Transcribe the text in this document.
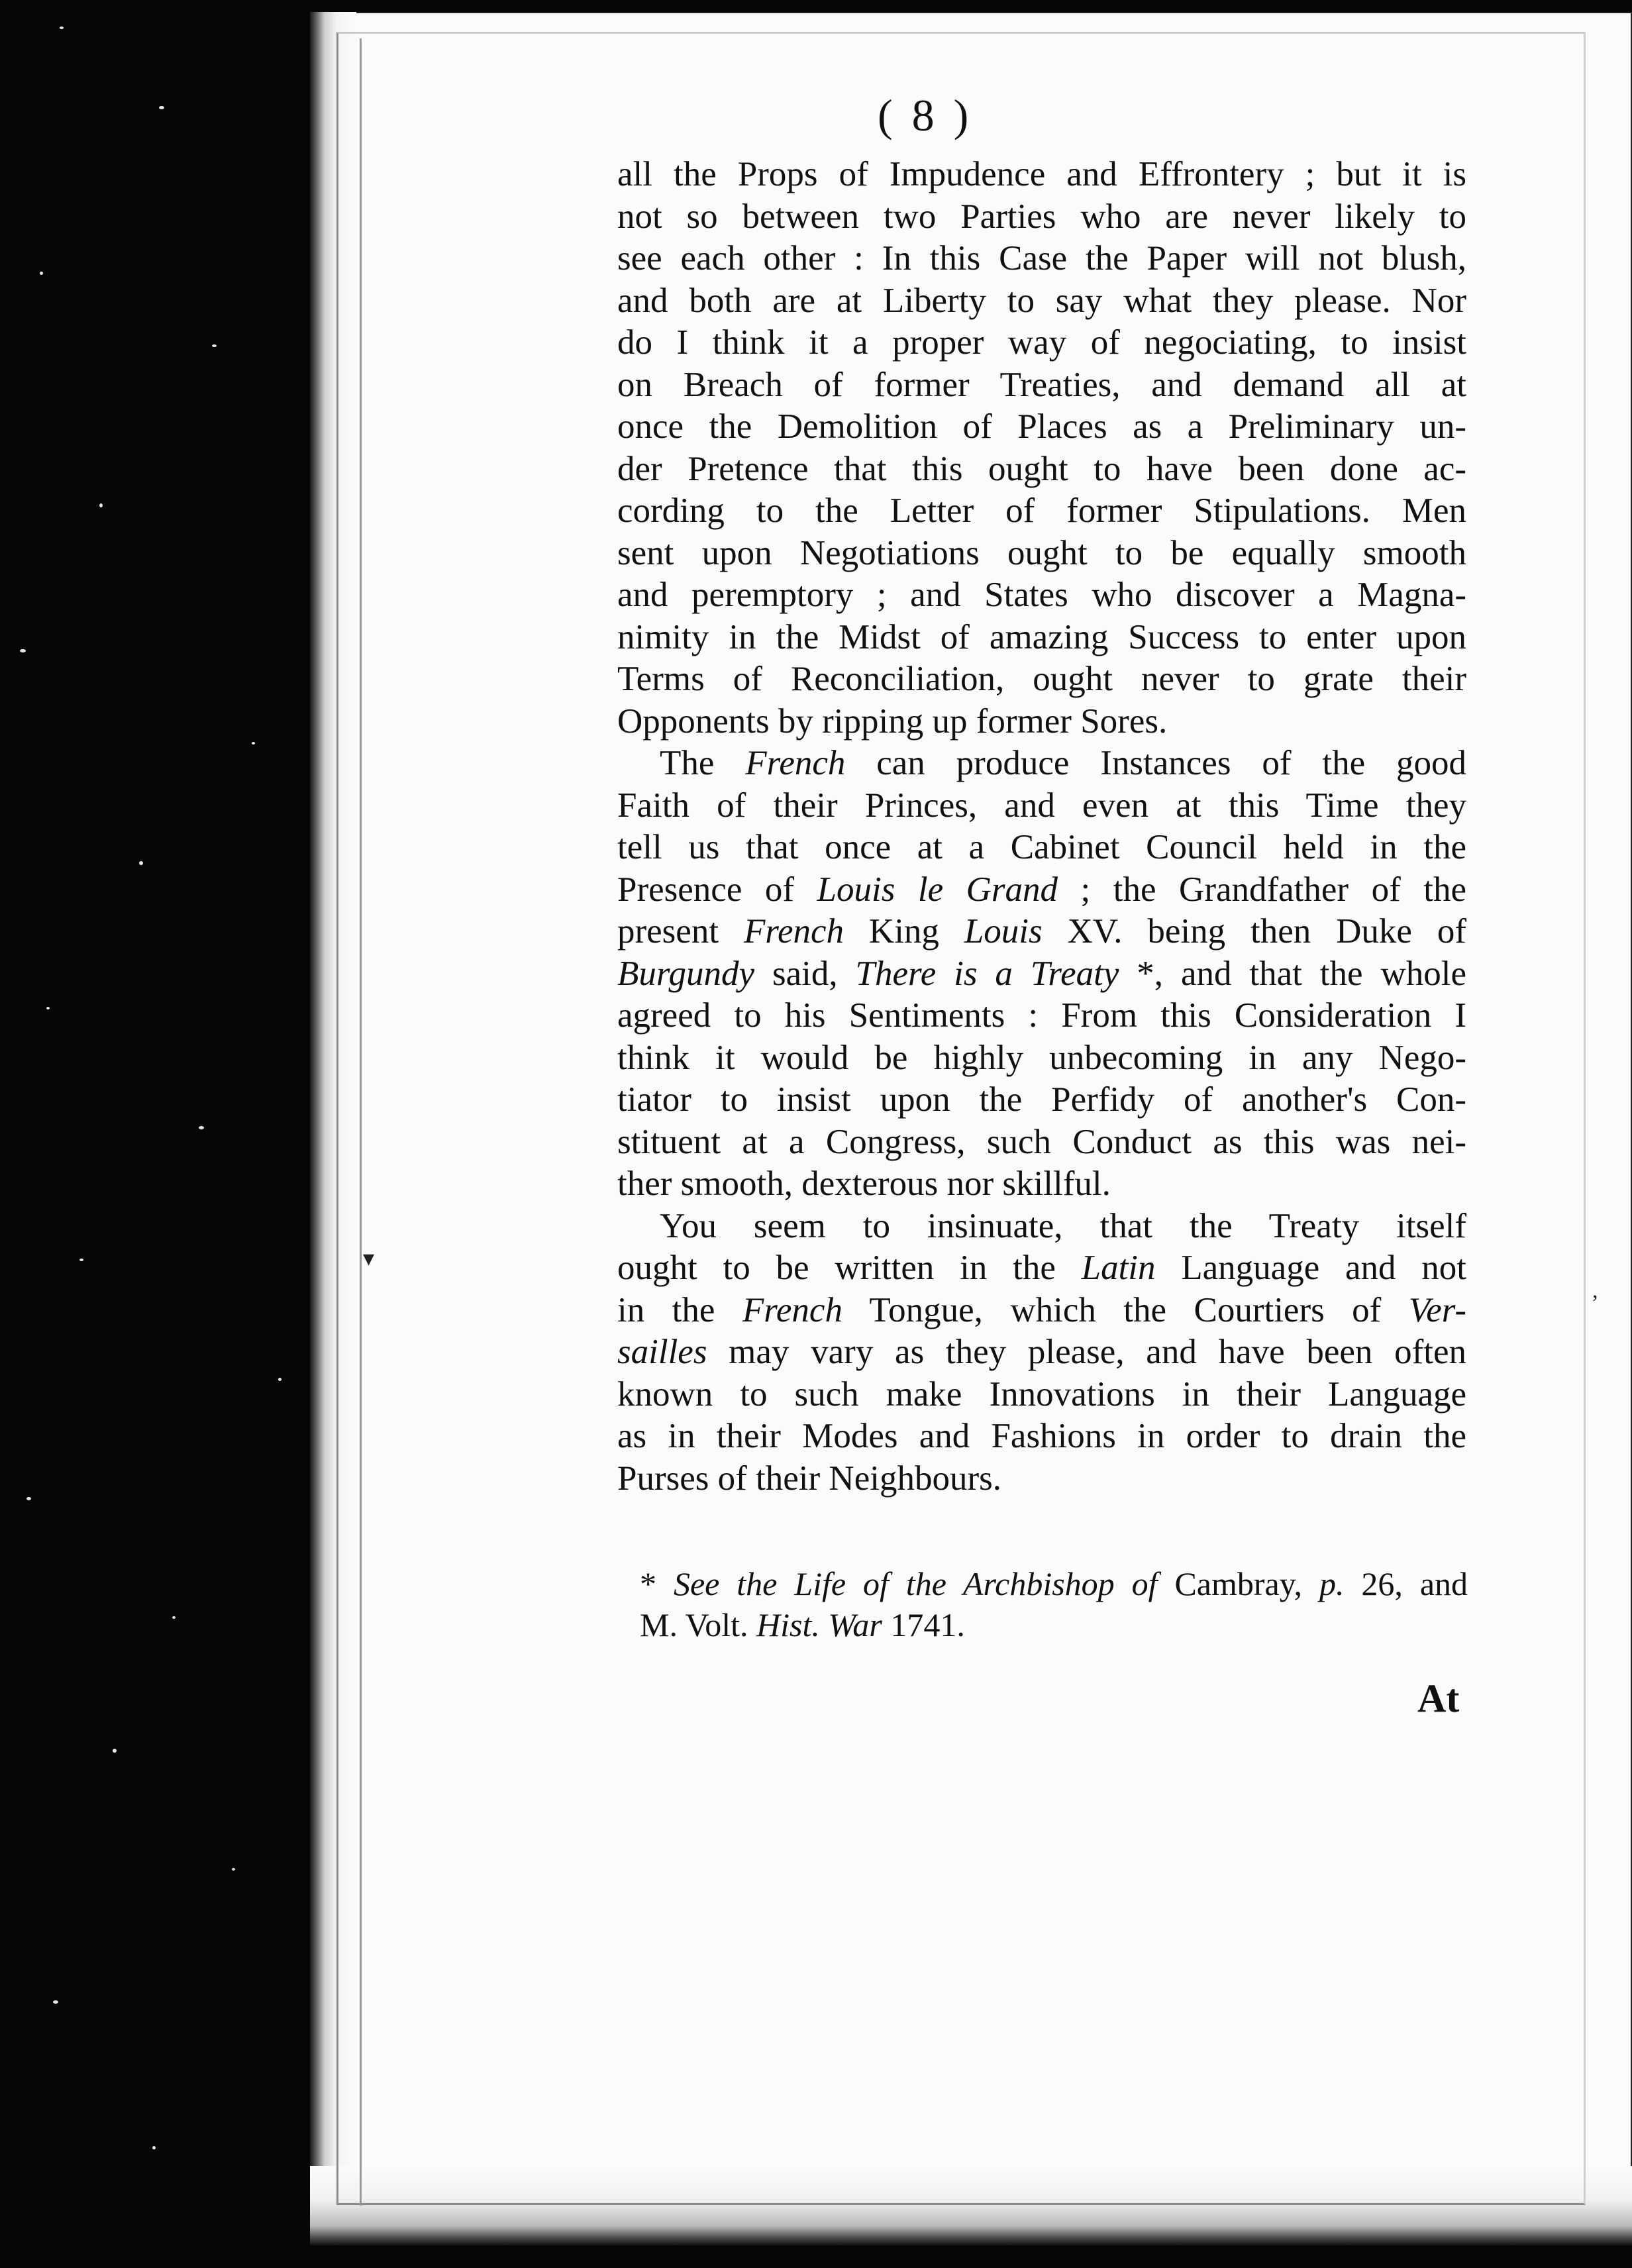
( 8 )
all the Props of Impudence and Effrontery ; but it is
not so between two Parties who are never likely to
see each other : In this Case the Paper will not blush,
and both are at Liberty to say what they please. Nor
do I think it a proper way of negociating, to insist
on Breach of former Treaties, and demand all at
once the Demolition of Places as a Preliminary un-
der Pretence that this ought to have been done ac-
cording to the Letter of former Stipulations. Men
sent upon Negotiations ought to be equally smooth
and peremptory ; and States who discover a Magna-
nimity in the Midst of amazing Success to enter upon
Terms of Reconciliation, ought never to grate their
Opponents by ripping up former Sores.
The French can produce Instances of the good
Faith of their Princes, and even at this Time they
tell us that once at a Cabinet Council held in the
Presence of Louis le Grand ; the Grandfather of the
present French King Louis XV. being then Duke of
Burgundy said, There is a Treaty *, and that the whole
agreed to his Sentiments : From this Consideration I
think it would be highly unbecoming in any Nego-
tiator to insist upon the Perfidy of another's Con-
stituent at a Congress, such Conduct as this was nei-
ther smooth, dexterous nor skillful.
You seem to insinuate, that the Treaty itself
ought to be written in the Latin Language and not
in the French Tongue, which the Courtiers of Ver-
sailles may vary as they please, and have been often
known to such make Innovations in their Language
as in their Modes and Fashions in order to drain the
Purses of their Neighbours.
* See the Life of the Archbishop of Cambray, p. 26, and
M. Volt. Hist. War 1741.
At
▾
,
